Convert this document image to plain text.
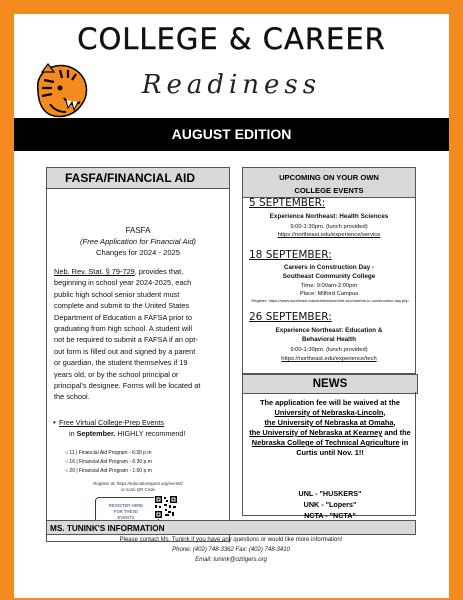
COLLEGE & CAREER
Readiness
AUGUST EDITION
FASFA/FINANCIAL AID
FASFA
(Free Application for Financial Aid)
Changes for 2024 - 2025
Neb. Rev. Stat. § 79-729, provides that,
beginning in school year 2024-2025, each
public high school senior student must
complete and submit to the United States
Department of Education a FAFSA prior to
graduating from high school. A student will
not be required to submit a FAFSA if an opt-
out form is filled out and signed by a parent
or guardian, the student themselves if 19
years old, or by the school principal or
principal's designee. Forms will be located at
the school.
• Free Virtual College-Prep Events
in September. HIGHLY recommend!
○ 11 | Financial Aid Program - 6:30 p.m
○ 16 | Financial Aid Program - 6:30 p.m
○ 20 | Financial Aid Program - 1:00 p.m
Register at: https://educationquest.org/events/
or scan QR Code
REGISTER HERE FOR THESE EVENTS
UPCOMING ON YOUR OWN
COLLEGE EVENTS
5 SEPTEMBER:
Experience Northeast: Health Sciences
9:00-1:30pm. (lunch provided)
https://northeast.edu/experience/service
18 SEPTEMBER:
Careers in Construction Day -
Southeast Community College
Time: 9:00am-2:00pm
Place: Milford Campus
Register: https://www.southeast.edu/admissions/visit-scc/careers-in-construction-day.php
26 SEPTEMBER:
Experience Northeast: Education &
Behavioral Health
9:00-1:30pm. (lunch provided)
https://northeast.edu/experience/tech
NEWS
The application fee will be waived at the
University of Nebraska-Lincoln,
the University of Nebraska at Omaha,
the University of Nebraska at Kearney and the Nebraska College of Technical Agriculture in Curtis until Nov. 1!!
UNL - "HUSKERS"
UNK - "Lopers"
NCTA - "NCTA"
MS. TUNINK'S INFORMATION
Please contact Ms. Tunink if you have any questions or would like more information!
Phone: (402) 748-3362 Fax: (402) 748-3410
Email: tunink@oztigers.org
